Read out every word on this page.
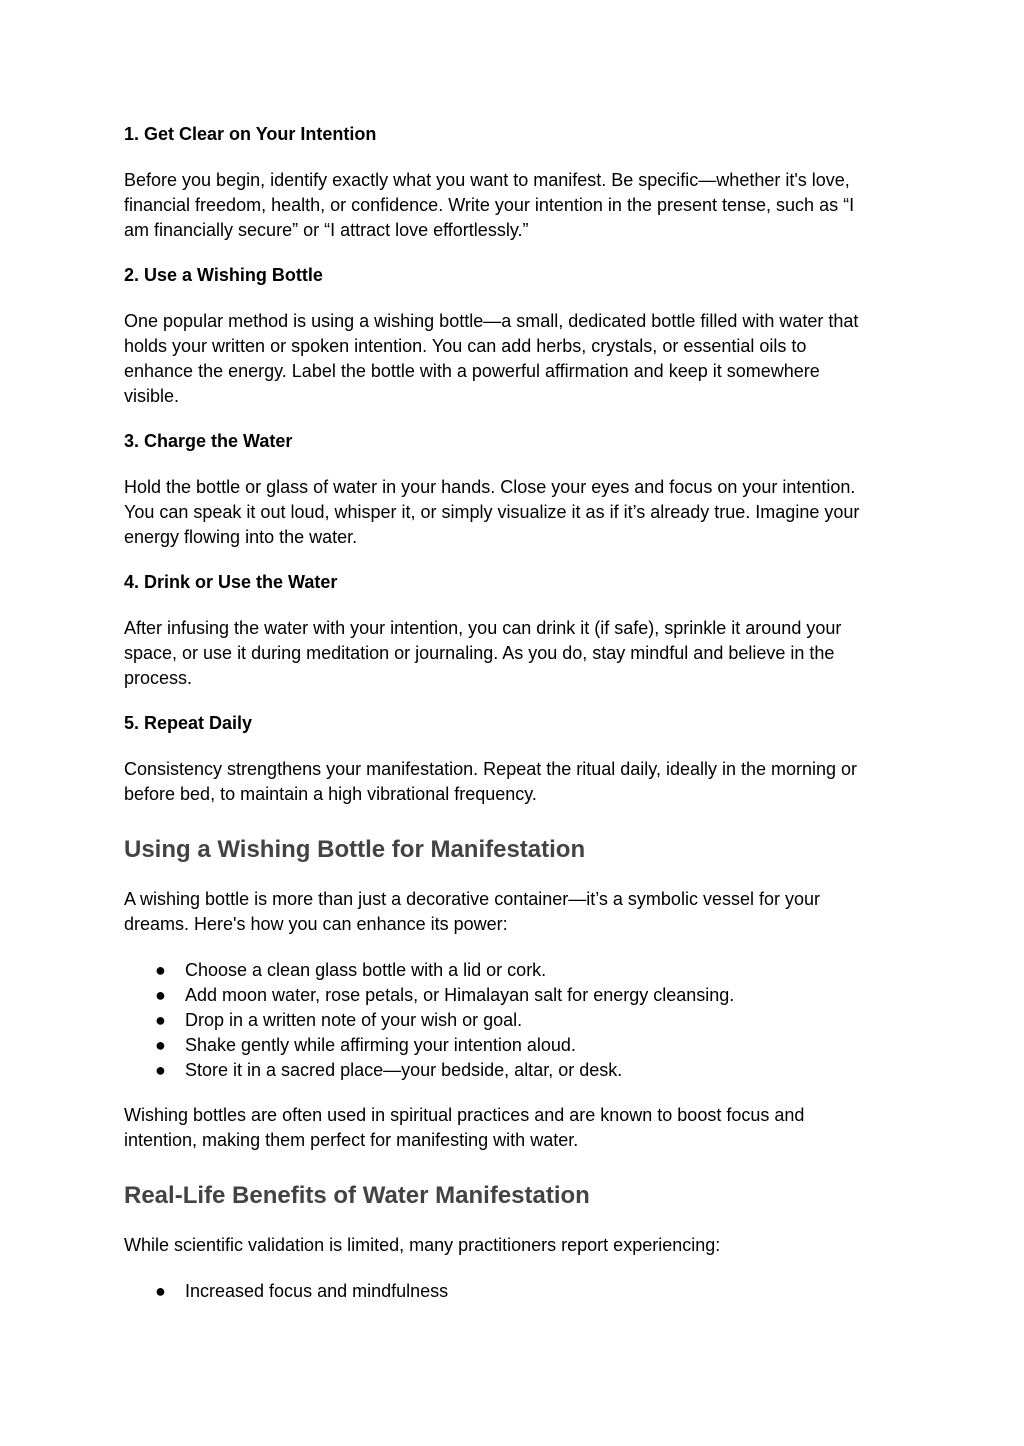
1. Get Clear on Your Intention

Before you begin, identify exactly what you want to manifest. Be specific—whether it's love,
financial freedom, health, or confidence. Write your intention in the present tense, such as “I
am financially secure” or “I attract love effortlessly.”

2. Use a Wishing Bottle

One popular method is using a wishing bottle—a small, dedicated bottle filled with water that
holds your written or spoken intention. You can add herbs, crystals, or essential oils to
enhance the energy. Label the bottle with a powerful affirmation and keep it somewhere
visible.

3. Charge the Water

Hold the bottle or glass of water in your hands. Close your eyes and focus on your intention.
You can speak it out loud, whisper it, or simply visualize it as if it’s already true. Imagine your
energy flowing into the water.

4. Drink or Use the Water

After infusing the water with your intention, you can drink it (if safe), sprinkle it around your
space, or use it during meditation or journaling. As you do, stay mindful and believe in the
process.

5. Repeat Daily

Consistency strengthens your manifestation. Repeat the ritual daily, ideally in the morning or
before bed, to maintain a high vibrational frequency.

Using a Wishing Bottle for Manifestation

A wishing bottle is more than just a decorative container—it’s a symbolic vessel for your
dreams. Here's how you can enhance its power:

● Choose a clean glass bottle with a lid or cork.
● Add moon water, rose petals, or Himalayan salt for energy cleansing.
● Drop in a written note of your wish or goal.
● Shake gently while affirming your intention aloud.
● Store it in a sacred place—your bedside, altar, or desk.

Wishing bottles are often used in spiritual practices and are known to boost focus and
intention, making them perfect for manifesting with water.

Real-Life Benefits of Water Manifestation

While scientific validation is limited, many practitioners report experiencing:

● Increased focus and mindfulness
